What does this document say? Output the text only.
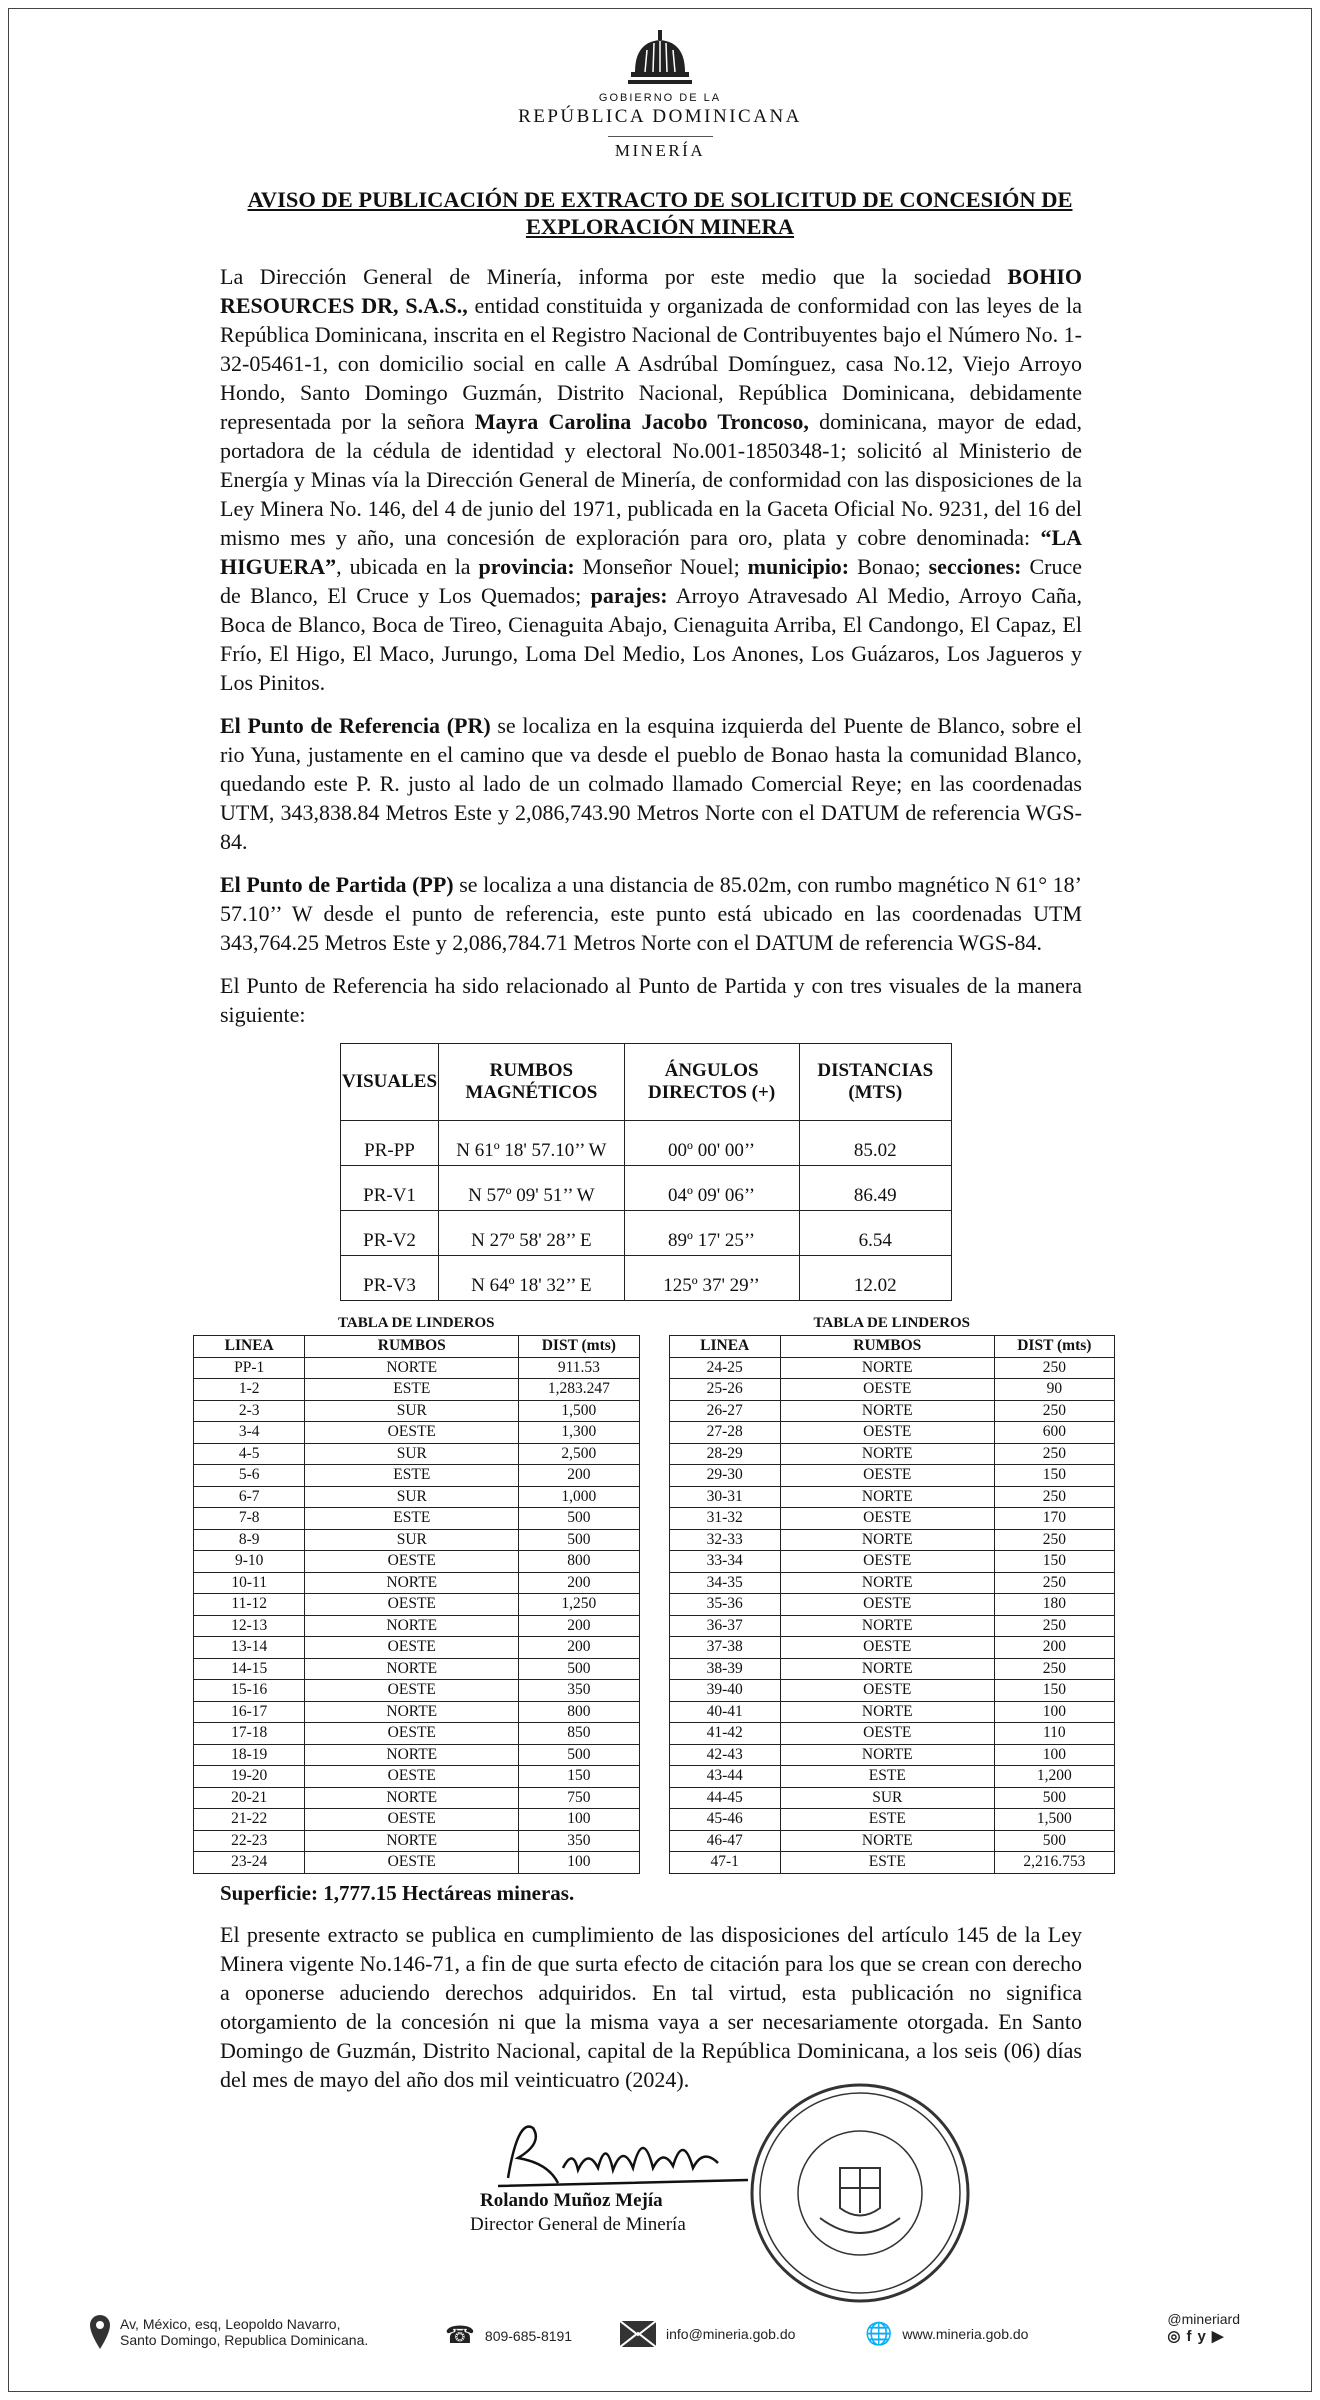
GOBIERNO DE LA
REPÚBLICA DOMINICANA
MINERÍA
AVISO DE PUBLICACIÓN DE EXTRACTO DE SOLICITUD DE CONCESIÓN DE EXPLORACIÓN MINERA

La Dirección General de Minería, informa por este medio que la sociedad BOHIO RESOURCES DR, S.A.S., entidad constituida y organizada de conformidad con las leyes de la República Dominicana, inscrita en el Registro Nacional de Contribuyentes bajo el Número No. 1-32-05461-1, con domicilio social en calle A Asdrúbal Domínguez, casa No.12, Viejo Arroyo Hondo, Santo Domingo Guzmán, Distrito Nacional, República Dominicana, debidamente representada por la señora Mayra Carolina Jacobo Troncoso, dominicana, mayor de edad, portadora de la cédula de identidad y electoral No.001-1850348-1; solicitó al Ministerio de Energía y Minas vía la Dirección General de Minería, de conformidad con las disposiciones de la Ley Minera No. 146, del 4 de junio del 1971, publicada en la Gaceta Oficial No. 9231, del 16 del mismo mes y año, una concesión de exploración para oro, plata y cobre denominada: “LA HIGUERA”, ubicada en la provincia: Monseñor Nouel; municipio: Bonao; secciones: Cruce de Blanco, El Cruce y Los Quemados; parajes: Arroyo Atravesado Al Medio, Arroyo Caña, Boca de Blanco, Boca de Tireo, Cienaguita Abajo, Cienaguita Arriba, El Candongo, El Capaz, El Frío, El Higo, El Maco, Jurungo, Loma Del Medio, Los Anones, Los Guázaros, Los Jagueros y Los Pinitos.

El Punto de Referencia (PR) se localiza en la esquina izquierda del Puente de Blanco, sobre el rio Yuna, justamente en el camino que va desde el pueblo de Bonao hasta la comunidad Blanco, quedando este P. R. justo al lado de un colmado llamado Comercial Reye; en las coordenadas UTM, 343,838.84 Metros Este y 2,086,743.90 Metros Norte con el DATUM de referencia WGS-84.

El Punto de Partida (PP) se localiza a una distancia de 85.02m, con rumbo magnético N 61° 18’ 57.10’’ W desde el punto de referencia, este punto está ubicado en las coordenadas UTM 343,764.25 Metros Este y 2,086,784.71 Metros Norte con el DATUM de referencia WGS-84.

El Punto de Referencia ha sido relacionado al Punto de Partida y con tres visuales de la manera siguiente:

VISUALES	RUMBOS MAGNÉTICOS	ÁNGULOS DIRECTOS (+)	DISTANCIAS (MTS)
PR-PP	N 61º 18' 57.10’’ W	00º 00' 00’’	85.02
PR-V1	N 57º 09' 51’’ W	04º 09' 06’’	86.49
PR-V2	N 27º 58' 28’’ E	89º 17' 25’’	6.54
PR-V3	N 64º 18' 32’’ E	125º 37' 29’’	12.02
TABLA DE LINDEROS
LINEA	RUMBOS	DIST (mts)
PP-1	NORTE	911.53
1-2	ESTE	1,283.247
2-3	SUR	1,500
3-4	OESTE	1,300
4-5	SUR	2,500
5-6	ESTE	200
6-7	SUR	1,000
7-8	ESTE	500
8-9	SUR	500
9-10	OESTE	800
10-11	NORTE	200
11-12	OESTE	1,250
12-13	NORTE	200
13-14	OESTE	200
14-15	NORTE	500
15-16	OESTE	350
16-17	NORTE	800
17-18	OESTE	850
18-19	NORTE	500
19-20	OESTE	150
20-21	NORTE	750
21-22	OESTE	100
22-23	NORTE	350
23-24	OESTE	100
TABLA DE LINDEROS
LINEA	RUMBOS	DIST (mts)
24-25	NORTE	250
25-26	OESTE	90
26-27	NORTE	250
27-28	OESTE	600
28-29	NORTE	250
29-30	OESTE	150
30-31	NORTE	250
31-32	OESTE	170
32-33	NORTE	250
33-34	OESTE	150
34-35	NORTE	250
35-36	OESTE	180
36-37	NORTE	250
37-38	OESTE	200
38-39	NORTE	250
39-40	OESTE	150
40-41	NORTE	100
41-42	OESTE	110
42-43	NORTE	100
43-44	ESTE	1,200
44-45	SUR	500
45-46	ESTE	1,500
46-47	NORTE	500
47-1	ESTE	2,216.753
Superficie: 1,777.15 Hectáreas mineras.

El presente extracto se publica en cumplimiento de las disposiciones del artículo 145 de la Ley Minera vigente No.146-71, a fin de que surta efecto de citación para los que se crean con derecho a oponerse aduciendo derechos adquiridos. En tal virtud, esta publicación no significa otorgamiento de la concesión ni que la misma vaya a ser necesariamente otorgada. En Santo Domingo de Guzmán, Distrito Nacional, capital de la República Dominicana, a los seis (06) días del mes de mayo del año dos mil veinticuatro (2024).

Rolando Muñoz Mejía
Director General de Minería
Av, México, esq, Leopoldo Navarro,
Santo Domingo, Republica Dominicana.	☎ 809-685-8191	info@mineria.gob.do	🌐 www.mineria.gob.do
@mineriard
◎fy▶
